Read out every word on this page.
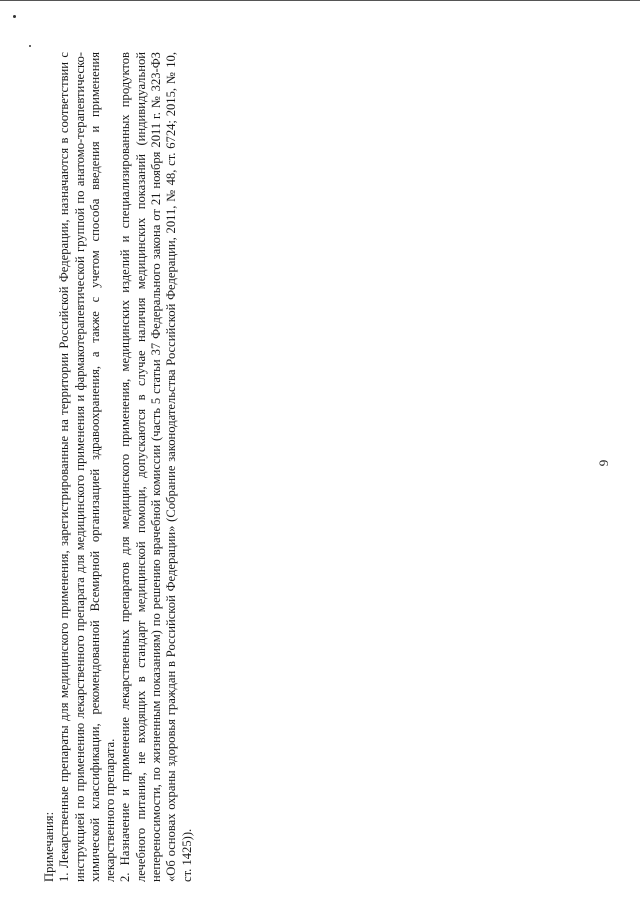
Примечания: 1. Лекарственные препараты для медицинского применения, зарегистрированные на территории Российской Федерации, назначаются в соответствии с инструкцией по применению лекарственного препарата для медицинского применения и фармакотерапевтической группой по анатомо-терапевтическо-химической классификации, рекомендованной Всемирной организацией здравоохранения, а также с учетом способа введения и применения лекарственного препарата. 2. Назначение и применение лекарственных препаратов для медицинского применения, медицинских изделий и специализированных продуктов лечебного питания, не входящих в стандарт медицинской помощи, допускаются в случае наличия медицинских показаний (индивидуальной непереносимости, по жизненным показаниям) по решению врачебной комиссии (часть 5 статьи 37 Федерального закона от 21 ноября 2011 г. № 323-ФЗ «Об основах охраны здоровья граждан в Российской Федерации» (Собрание законодательства Российской Федерации, 2011, № 48, ст. 6724; 2015, № 10, ст. 1425)).

9
